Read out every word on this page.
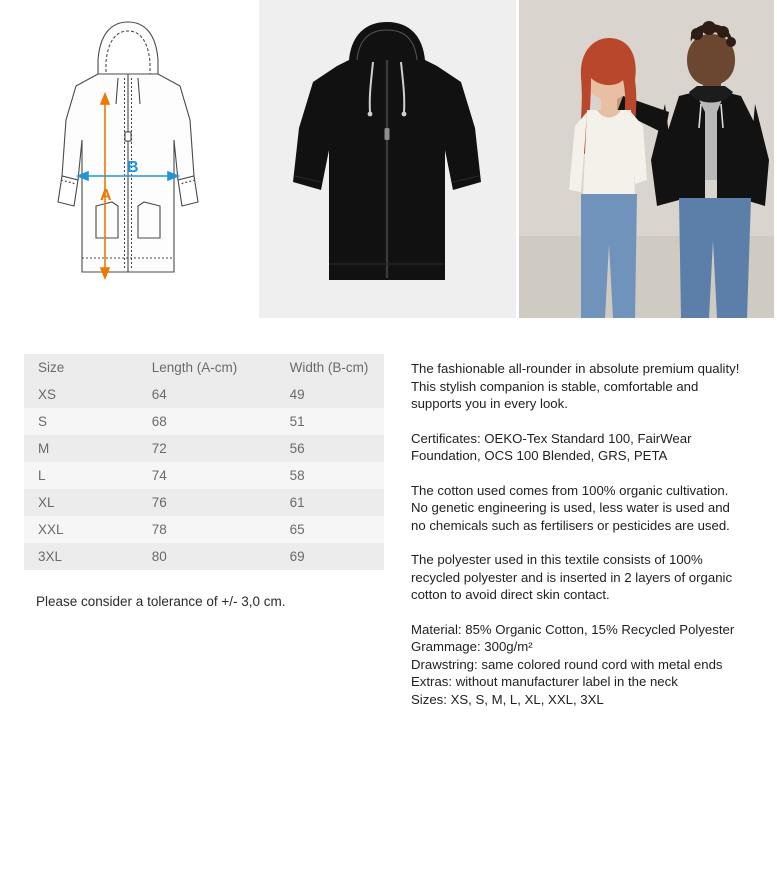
A
B
Size	Length (A-cm)	Width (B-cm)
XS	64	49
S	68	51
M	72	56
L	74	58
XL	76	61
XXL	78	65
3XL	80	69
Please consider a tolerance of +/- 3,0 cm.

The fashionable all-rounder in absolute premium quality! This stylish companion is stable, comfortable and supports you in every look.

Certificates: OEKO-Tex Standard 100, FairWear Foundation, OCS 100 Blended, GRS, PETA

The cotton used comes from 100% organic cultivation. No genetic engineering is used, less water is used and no chemicals such as fertilisers or pesticides are used.

The polyester used in this textile consists of 100% recycled polyester and is inserted in 2 layers of organic cotton to avoid direct skin contact.

Material: 85% Organic Cotton, 15% Recycled Polyester
Grammage: 300g/m²
Drawstring: same colored round cord with metal ends
Extras: without manufacturer label in the neck
Sizes: XS, S, M, L, XL, XXL, 3XL
